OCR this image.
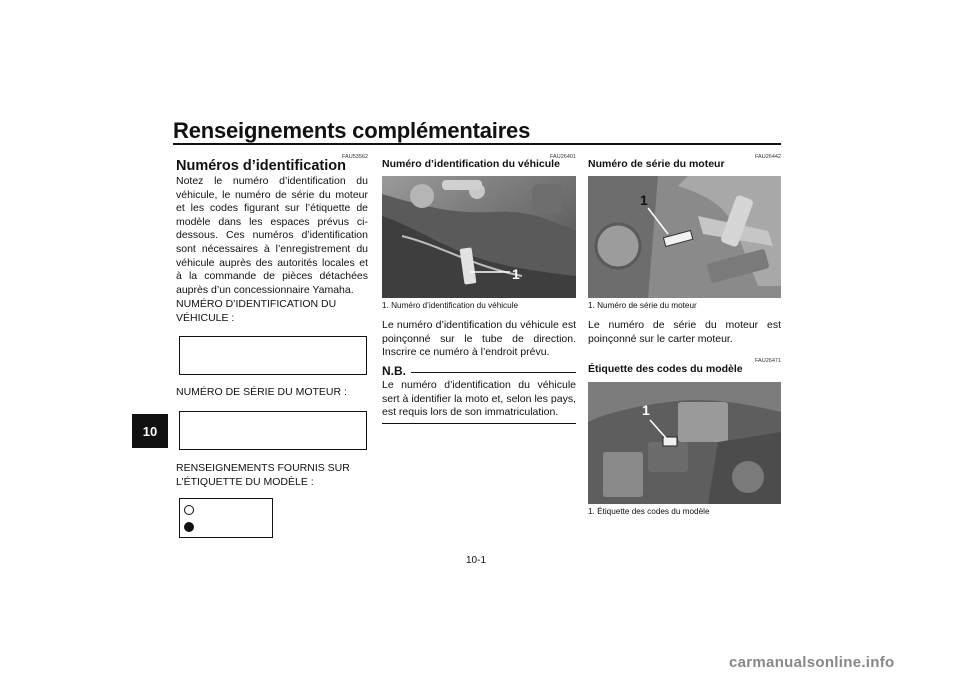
Renseignements complémentaires
10
FAU53562
Numéros d’identification
Notez le numéro d’identification du véhicule, le numéro de série du moteur et les codes figurant sur l’étiquette de modèle dans les espaces prévus ci-dessous. Ces numéros d’identification sont nécessaires à l’enregistrement du véhicule auprès des autorités locales et à la commande de pièces détachées auprès d’un concessionnaire Yamaha.
NUMÉRO D’IDENTIFICATION DU
VÉHICULE :
NUMÉRO DE SÉRIE DU MOTEUR :
RENSEIGNEMENTS FOURNIS SUR
L’ÉTIQUETTE DU MODÈLE :
FAU26401
Numéro d’identification du véhicule
1
1. Numéro d’identification du véhicule
Le numéro d’identification du véhicule est poinçonné sur le tube de direction. Inscrire ce numéro à l’endroit prévu.
N.B.
Le numéro d’identification du véhicule sert à identifier la moto et, selon les pays, est requis lors de son immatriculation.
FAU26442
Numéro de série du moteur
1
1. Numéro de série du moteur
Le numéro de série du moteur est poinçonné sur le carter moteur.
FAU26471
Étiquette des codes du modèle
1
1. Étiquette des codes du modèle
10-1
carmanualsonline.info
